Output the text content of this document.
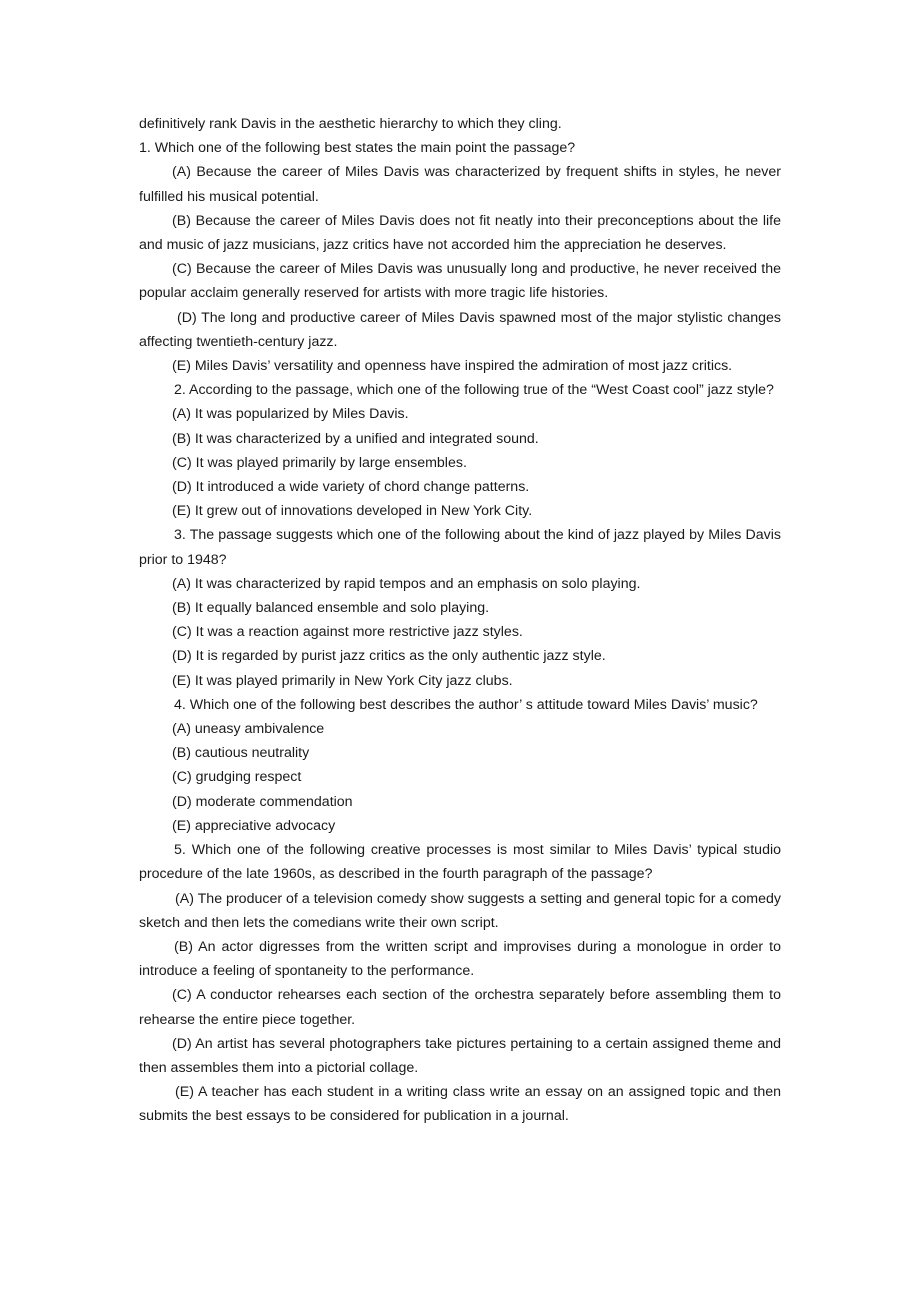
definitively rank Davis in the aesthetic hierarchy to which they cling.

1. Which one of the following best states the main point the passage?

(A) Because the career of Miles Davis was characterized by frequent shifts in styles, he never fulfilled his musical potential.

(B) Because the career of Miles Davis does not fit neatly into their preconceptions about the life and music of jazz musicians, jazz critics have not accorded him the appreciation he deserves.

(C) Because the career of Miles Davis was unusually long and productive, he never received the popular acclaim generally reserved for artists with more tragic life histories.

(D) The long and productive career of Miles Davis spawned most of the major stylistic changes affecting twentieth-century jazz.

(E) Miles Davis’ versatility and openness have inspired the admiration of most jazz critics.

2. According to the passage, which one of the following true of the “West Coast cool” jazz style?

(A) It was popularized by Miles Davis.

(B) It was characterized by a unified and integrated sound.

(C) It was played primarily by large ensembles.

(D) It introduced a wide variety of chord change patterns.

(E) It grew out of innovations developed in New York City.

3. The passage suggests which one of the following about the kind of jazz played by Miles Davis prior to 1948?

(A) It was characterized by rapid tempos and an emphasis on solo playing.

(B) It equally balanced ensemble and solo playing.

(C) It was a reaction against more restrictive jazz styles.

(D) It is regarded by purist jazz critics as the only authentic jazz style.

(E) It was played primarily in New York City jazz clubs.

4. Which one of the following best describes the author’ s attitude toward Miles Davis’ music?

(A) uneasy ambivalence

(B) cautious neutrality

(C) grudging respect

(D) moderate commendation

(E) appreciative advocacy

5. Which one of the following creative processes is most similar to Miles Davis’ typical studio procedure of the late 1960s, as described in the fourth paragraph of the passage?

(A) The producer of a television comedy show suggests a setting and general topic for a comedy sketch and then lets the comedians write their own script.

(B) An actor digresses from the written script and improvises during a monologue in order to introduce a feeling of spontaneity to the performance.

(C) A conductor rehearses each section of the orchestra separately before assembling them to rehearse the entire piece together.

(D) An artist has several photographers take pictures pertaining to a certain assigned theme and then assembles them into a pictorial collage.

(E) A teacher has each student in a writing class write an essay on an assigned topic and then submits the best essays to be considered for publication in a journal.
